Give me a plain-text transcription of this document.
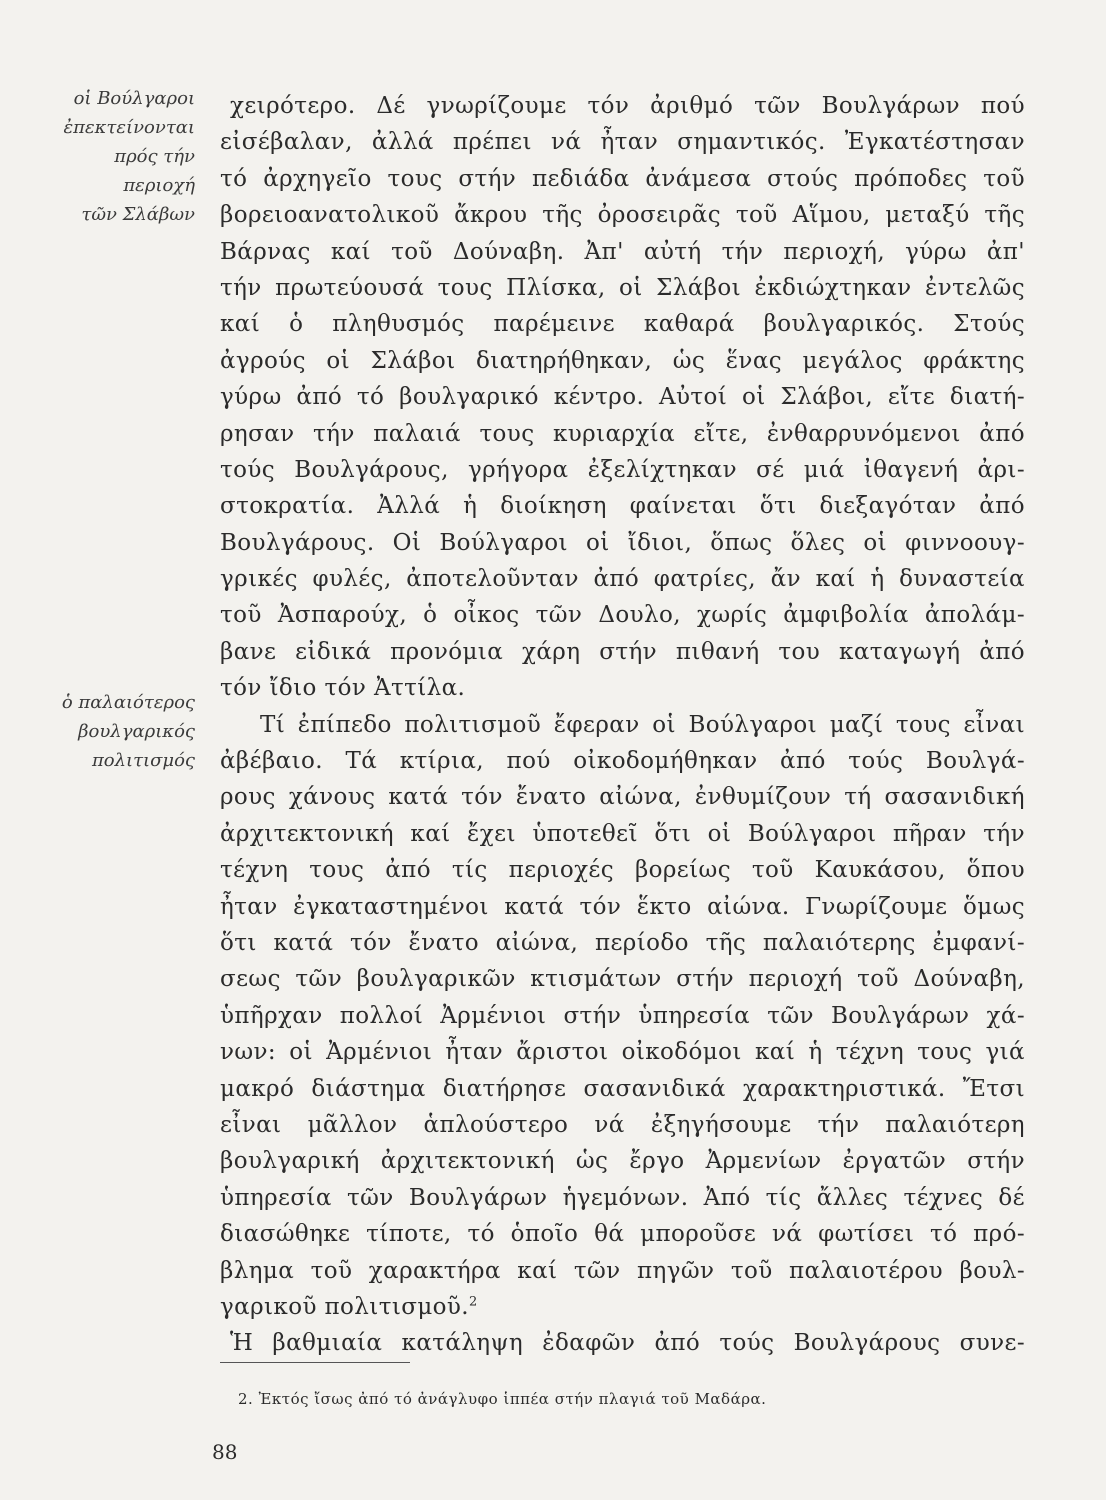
οἱ Βούλγαροι
ἐπεκτείνονται
πρός τήν
περιοχή
τῶν Σλάβων
ὁ παλαιότερος
βουλγαρικός
πολιτισμός
χειρότερο. Δέ γνωρίζουμε τόν ἀριθμό τῶν Βουλγάρων πού
εἰσέβαλαν, ἀλλά πρέπει νά ἦταν σημαντικός. Ἐγκατέστησαν
τό ἀρχηγεῖο τους στήν πεδιάδα ἀνάμεσα στούς πρόποδες τοῦ
βορειοανατολικοῦ ἄκρου τῆς ὀροσειρᾶς τοῦ Αἵμου, μεταξύ τῆς
Βάρνας καί τοῦ Δούναβη. Ἀπ' αὐτή τήν περιοχή, γύρω ἀπ'
τήν πρωτεύουσά τους Πλίσκα, οἱ Σλάβοι ἐκδιώχτηκαν ἐντελῶς
καί ὁ πληθυσμός παρέμεινε καθαρά βουλγαρικός. Στούς
ἀγρούς οἱ Σλάβοι διατηρήθηκαν, ὡς ἕνας μεγάλος φράκτης
γύρω ἀπό τό βουλγαρικό κέντρο. Αὐτοί οἱ Σλάβοι, εἴτε διατή-
ρησαν τήν παλαιά τους κυριαρχία εἴτε, ἐνθαρρυνόμενοι ἀπό
τούς Βουλγάρους, γρήγορα ἐξελίχτηκαν σέ μιά ἰθαγενή ἀρι-
στοκρατία. Ἀλλά ἡ διοίκηση φαίνεται ὅτι διεξαγόταν ἀπό
Βουλγάρους. Οἱ Βούλγαροι οἱ ἴδιοι, ὅπως ὅλες οἱ φιννοουγ-
γρικές φυλές, ἀποτελοῦνταν ἀπό φατρίες, ἄν καί ἡ δυναστεία
τοῦ Ἀσπαρούχ, ὁ οἶκος τῶν Δουλο, χωρίς ἀμφιβολία ἀπολάμ-
βανε εἰδικά προνόμια χάρη στήν πιθανή του καταγωγή ἀπό
τόν ἴδιο τόν Ἀττίλα.
Τί ἐπίπεδο πολιτισμοῦ ἔφεραν οἱ Βούλγαροι μαζί τους εἶναι
ἀβέβαιο. Τά κτίρια, πού οἰκοδομήθηκαν ἀπό τούς Βουλγά-
ρους χάνους κατά τόν ἔνατο αἰώνα, ἐνθυμίζουν τή σασανιδική
ἀρχιτεκτονική καί ἔχει ὑποτεθεῖ ὅτι οἱ Βούλγαροι πῆραν τήν
τέχνη τους ἀπό τίς περιοχές βορείως τοῦ Καυκάσου, ὅπου
ἦταν ἐγκαταστημένοι κατά τόν ἕκτο αἰώνα. Γνωρίζουμε ὅμως
ὅτι κατά τόν ἔνατο αἰώνα, περίοδο τῆς παλαιότερης ἐμφανί-
σεως τῶν βουλγαρικῶν κτισμάτων στήν περιοχή τοῦ Δούναβη,
ὑπῆρχαν πολλοί Ἀρμένιοι στήν ὑπηρεσία τῶν Βουλγάρων χά-
νων: οἱ Ἀρμένιοι ἦταν ἄριστοι οἰκοδόμοι καί ἡ τέχνη τους γιά
μακρό διάστημα διατήρησε σασανιδικά χαρακτηριστικά. Ἔτσι
εἶναι μᾶλλον ἁπλούστερο νά ἐξηγήσουμε τήν παλαιότερη
βουλγαρική ἀρχιτεκτονική ὡς ἔργο Ἀρμενίων ἐργατῶν στήν
ὑπηρεσία τῶν Βουλγάρων ἡγεμόνων. Ἀπό τίς ἄλλες τέχνες δέ
διασώθηκε τίποτε, τό ὁποῖο θά μποροῦσε νά φωτίσει τό πρό-
βλημα τοῦ χαρακτήρα καί τῶν πηγῶν τοῦ παλαιοτέρου βουλ-
γαρικοῦ πολιτισμοῦ.$^2$
Ἡ βαθμιαία κατάληψη ἐδαφῶν ἀπό τούς Βουλγάρους συνε-
2. Ἐκτός ἴσως ἀπό τό ἀνάγλυφο ἱππέα στήν πλαγιά τοῦ Μαδάρα.
88
